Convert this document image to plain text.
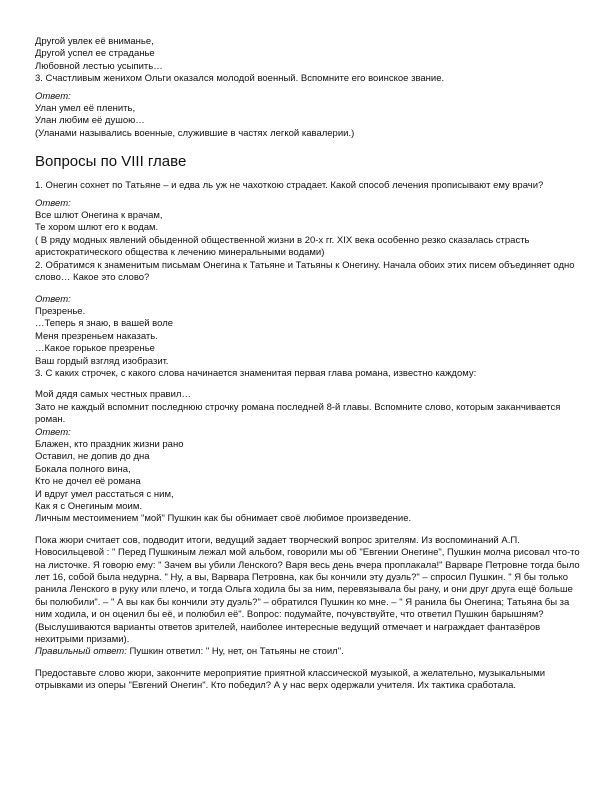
Другой увлек её вниманье,
Другой успел ее страданье
Любовной лестью усыпить…
3. Счастливым женихом Ольги оказался молодой военный. Вспомните его воинское звание.
Ответ:
Улан умел её пленить,
Улан любим её душою…
(Уланами назывались военные, служившие в частях легкой кавалерии.)
Вопросы по VIII главе

1. Онегин сохнет по Татьяне – и едва ль уж не чахоткою страдает. Какой способ лечения прописывают ему врачи?

Ответ:
Все шлют Онегина к врачам,
Те хором шлют его к водам.

( В ряду модных явлений обыденной общественной жизни в 20-х гг. XIX века особенно резко сказалась страсть аристократического общества к лечению минеральными водами)

2. Обратимся к знаменитым письмам Онегина к Татьяне и Татьяны к Онегину. Начала обоих этих писем объединяет одно слово… Какое это слово?

Ответ:
Презренье.
…Теперь я знаю, в вашей воле
Меня презреньем наказать.
…Какое горькое презренье
Ваш гордый взгляд изобразит.
3. С каких строчек, с какого слова начинается знаменитая первая глава романа, известно каждому:
Мой дядя самых честных правил…

Зато не каждый вспомнит последнюю строчку романа последней 8-й главы. Вспомните слово, которым заканчивается роман.

Ответ:
Блажен, кто праздник жизни рано
Оставил, не допив до дна
Бокала полного вина,
Кто не дочел её романа
И вдруг умел расстаться с ним,
Как я с Онегиным моим.
Личным местоимением "мой" Пушкин как бы обнимает своё любимое произведение.

Пока жюри считает сов, подводит итоги, ведущий задает творческий вопрос зрителям. Из воспоминаний А.П. Новосильцевой : " Перед Пушкиным лежал мой альбом, говорили мы об "Евгении Онегине", Пушкин молча рисовал что-то на листочке. Я говорю ему: " Зачем вы убили Ленского? Варя весь день вчера проплакала!" Варваре Петровне тогда было лет 16, собой была недурна. " Ну, а вы, Варвара Петровна, как бы кончили эту дуэль?" – спросил Пушкин. " Я бы только ранила Ленского в руку или плечо, и тогда Ольга ходила бы за ним, перевязывала бы рану, и они друг друга ещё больше бы полюбили". – " А вы как бы кончили эту дуэль?" – обратился Пушкин ко мне. – " Я ранила бы Онегина; Татьяна бы за ним ходила, и он оценил бы её, и полюбил её". Вопрос: подумайте, почувствуйте, что ответил Пушкин барышням? (Выслушиваются варианты ответов зрителей, наиболее интересные ведущий отмечает и награждает фантазёров нехитрыми призами).

Правильный ответ: Пушкин ответил: " Ну, нет, он Татьяны не стоил".

Предоставьте слово жюри, закончите мероприятие приятной классической музыкой, а желательно, музыкальными отрывками из оперы "Евгений Онегин". Кто победил? А у нас верх одержали учителя. Их тактика сработала.
